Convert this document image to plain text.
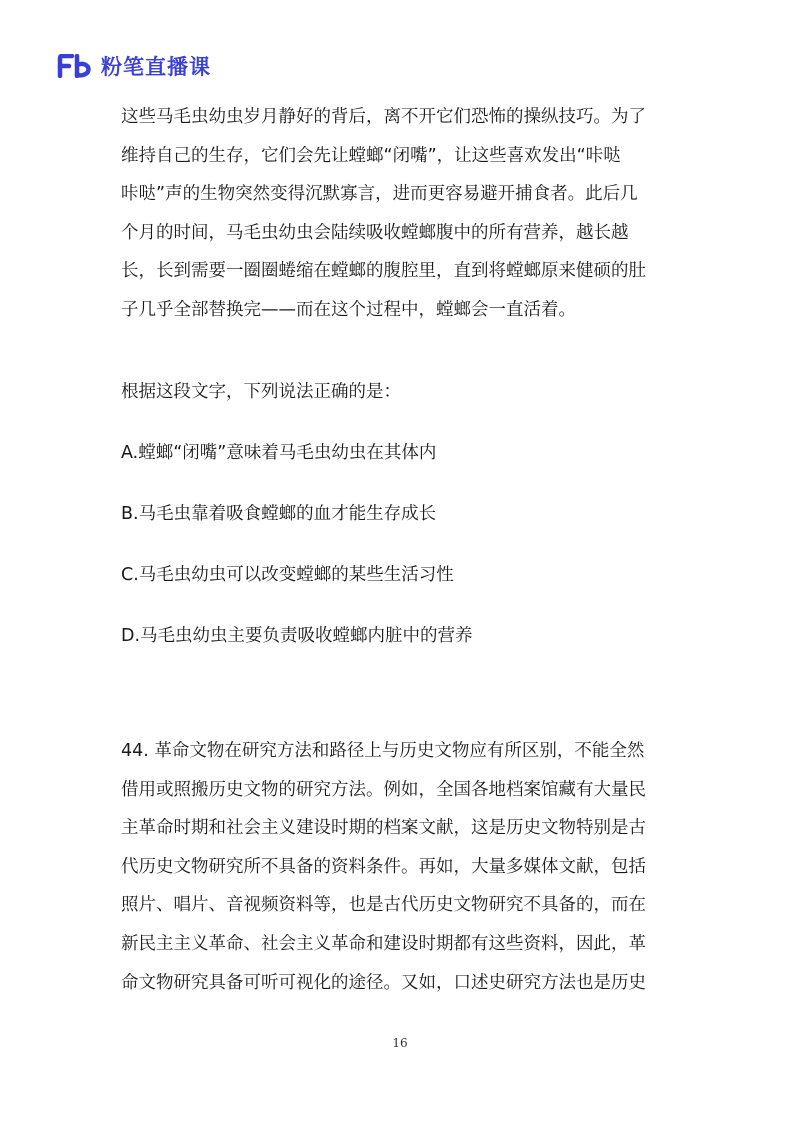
粉笔直播课
这些马毛虫幼虫岁月静好的背后，离不开它们恐怖的操纵技巧。为了
维持自己的生存，它们会先让螳螂“闭嘴”，让这些喜欢发出“咔哒
咔哒”声的生物突然变得沉默寡言，进而更容易避开捕食者。此后几
个月的时间，马毛虫幼虫会陆续吸收螳螂腹中的所有营养，越长越
长，长到需要一圈圈蜷缩在螳螂的腹腔里，直到将螳螂原来健硕的肚
子几乎全部替换完——而在这个过程中，螳螂会一直活着。

根据这段文字，下列说法正确的是：

A.螳螂“闭嘴”意味着马毛虫幼虫在其体内

B.马毛虫靠着吸食螳螂的血才能生存成长

C.马毛虫幼虫可以改变螳螂的某些生活习性

D.马毛虫幼虫主要负责吸收螳螂内脏中的营养

44. 革命文物在研究方法和路径上与历史文物应有所区别，不能全然
借用或照搬历史文物的研究方法。例如，全国各地档案馆藏有大量民
主革命时期和社会主义建设时期的档案文献，这是历史文物特别是古
代历史文物研究所不具备的资料条件。再如，大量多媒体文献，包括
照片、唱片、音视频资料等，也是古代历史文物研究不具备的，而在
新民主主义革命、社会主义革命和建设时期都有这些资料，因此，革
命文物研究具备可听可视化的途径。又如，口述史研究方法也是历史
16
